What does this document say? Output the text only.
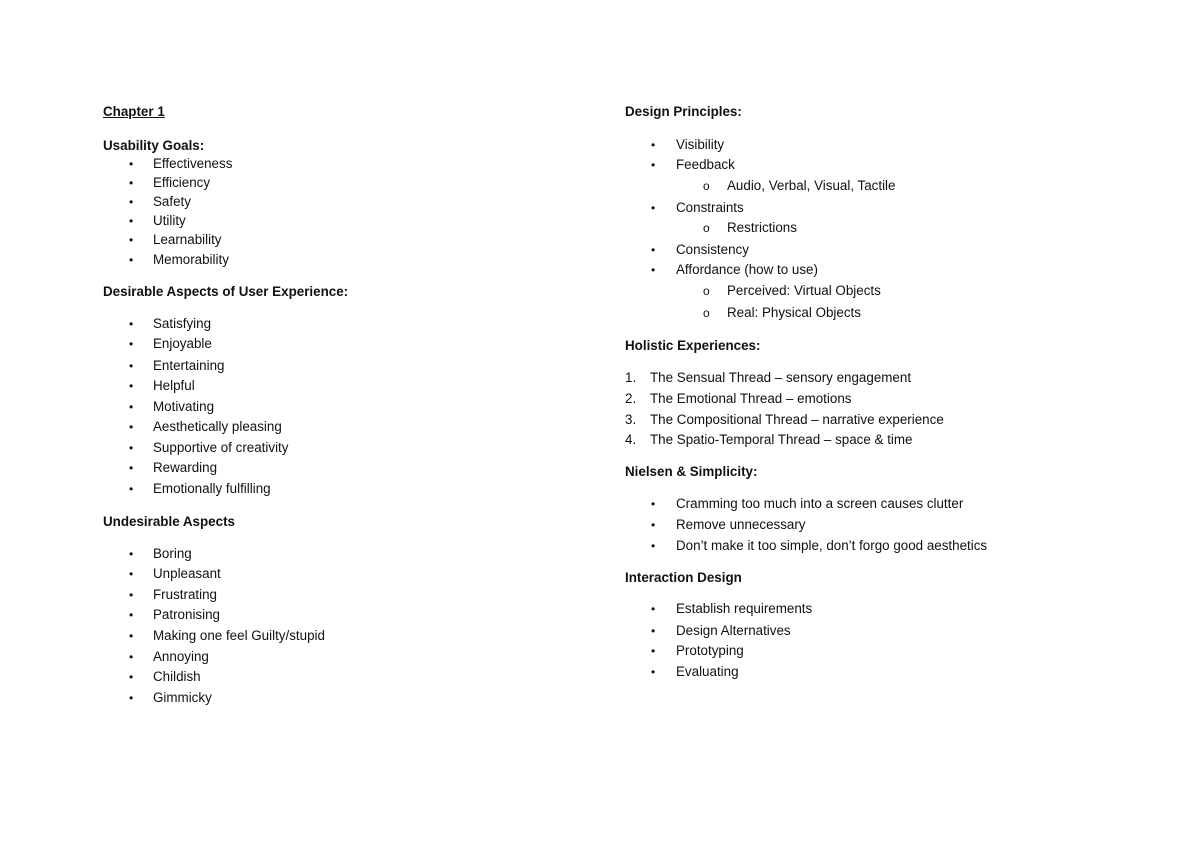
Chapter 1
Usability Goals:
• Effectiveness
• Efficiency
• Safety
• Utility
• Learnability
• Memorability
Desirable Aspects of User Experience:
• Satisfying
• Enjoyable
• Entertaining
• Helpful
• Motivating
• Aesthetically pleasing
• Supportive of creativity
• Rewarding
• Emotionally fulfilling
Undesirable Aspects
• Boring
• Unpleasant
• Frustrating
• Patronising
• Making one feel Guilty/stupid
• Annoying
• Childish
• Gimmicky
Design Principles:
• Visibility
• Feedback
o Audio, Verbal, Visual, Tactile
• Constraints
o Restrictions
• Consistency
• Affordance (how to use)
o Perceived: Virtual Objects
o Real: Physical Objects
Holistic Experiences:
1. The Sensual Thread – sensory engagement
2. The Emotional Thread – emotions
3. The Compositional Thread – narrative experience
4. The Spatio-Temporal Thread – space & time
Nielsen & Simplicity:
• Cramming too much into a screen causes clutter
• Remove unnecessary
• Don’t make it too simple, don’t forgo good aesthetics
Interaction Design
• Establish requirements
• Design Alternatives
• Prototyping
• Evaluating
